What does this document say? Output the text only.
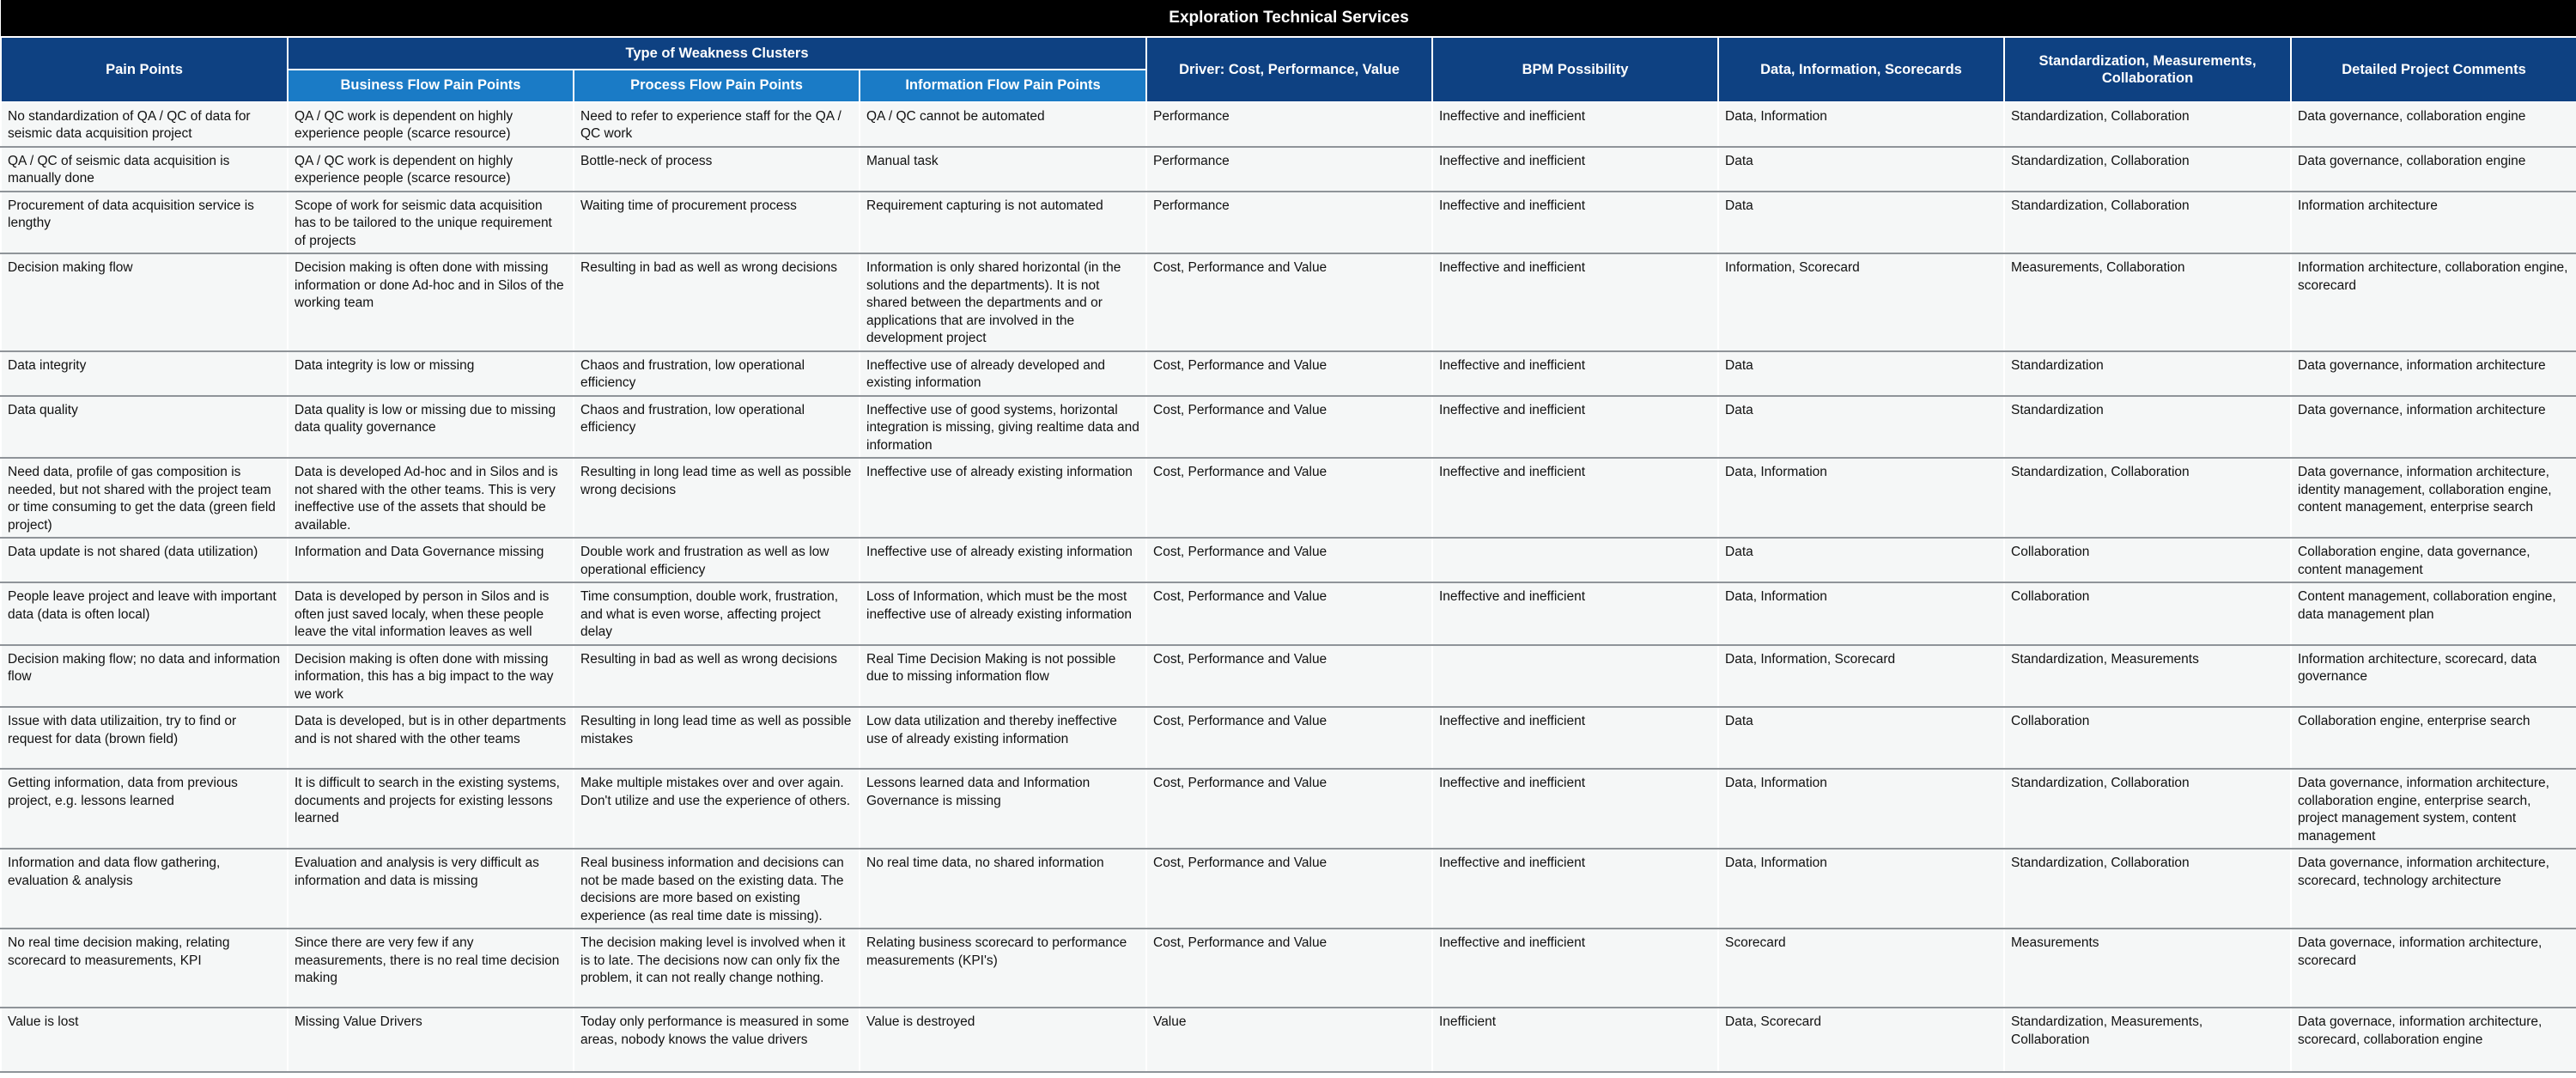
Exploration Technical Services								
Pain Points	Type of Weakness Clusters			Driver: Cost, Performance, Value	BPM Possibility	Data, Information, Scorecards	Standardization, Measurements, Collaboration	Detailed Project Comments
	Business Flow Pain Points	Process Flow Pain Points	Information Flow Pain Points					
No standardization of QA / QC of data for seismic data acquisition project	QA / QC work is dependent on highly experience people (scarce resource)	Need to refer to experience staff for the QA / QC work	QA / QC cannot be automated	Performance	Ineffective and inefficient	Data, Information	Standardization, Collaboration	Data governance, collaboration engine
QA / QC of seismic data acquisition is manually done	QA / QC work is dependent on highly experience people (scarce resource)	Bottle-neck of process	Manual task	Performance	Ineffective and inefficient	Data	Standardization, Collaboration	Data governance, collaboration engine
Procurement of data acquisition service is lengthy	Scope of work for seismic data acquisition has to be tailored to the unique requirement of projects	Waiting time of procurement process	Requirement capturing is not automated	Performance	Ineffective and inefficient	Data	Standardization, Collaboration	Information architecture
Decision making flow	Decision making is often done with missing information or done Ad-hoc and in Silos of the working team	Resulting in bad as well as wrong decisions	Information is only shared horizontal (in the solutions and the departments). It is not shared between the departments and or applications that are involved in the development project	Cost, Performance and Value	Ineffective and inefficient	Information, Scorecard	Measurements, Collaboration	Information architecture, collaboration engine, scorecard
Data integrity	Data integrity is low or missing	Chaos and frustration, low operational efficiency	Ineffective use of already developed and existing information	Cost, Performance and Value	Ineffective and inefficient	Data	Standardization	Data governance, information architecture
Data quality	Data quality is low or missing due to missing data quality governance	Chaos and frustration, low operational efficiency	Ineffective use of good systems, horizontal integration is missing, giving realtime data and information	Cost, Performance and Value	Ineffective and inefficient	Data	Standardization	Data governance, information architecture
Need data, profile of gas composition is needed, but not shared with the project team or time consuming to get the data (green field project)	Data is developed Ad-hoc and in Silos and is not shared with the other teams. This is very ineffective use of the assets that should be available.	Resulting in long lead time as well as possible wrong decisions	Ineffective use of already existing information	Cost, Performance and Value	Ineffective and inefficient	Data, Information	Standardization, Collaboration	Data governance, information architecture, identity management, collaboration engine, content management, enterprise search
Data update is not shared (data utilization)	Information and Data Governance missing	Double work and frustration as well as low operational efficiency	Ineffective use of already existing information	Cost, Performance and Value		Data	Collaboration	Collaboration engine, data governance, content management
People leave project and leave with important data (data is often local)	Data is developed by person in Silos and is often just saved localy, when these people leave the vital information leaves as well	Time consumption, double work, frustration, and what is even worse, affecting project delay	Loss of Information, which must be the most ineffective use of already existing information	Cost, Performance and Value	Ineffective and inefficient	Data, Information	Collaboration	Content management, collaboration engine, data management plan
Decision making flow; no data and information flow	Decision making is often done with missing information, this has a big impact to the way we work	Resulting in bad as well as wrong decisions	Real Time Decision Making is not possible due to missing information flow	Cost, Performance and Value		Data, Information, Scorecard	Standardization, Measurements	Information architecture, scorecard, data governance
Issue with data utilizaition, try to find or request for data (brown field)	Data is developed, but is in other departments and is not shared with the other teams	Resulting in long lead time as well as possible mistakes	Low data utilization and thereby ineffective use of already existing information	Cost, Performance and Value	Ineffective and inefficient	Data	Collaboration	Collaboration engine, enterprise search
Getting information, data from previous project, e.g. lessons learned	It is difficult to search in the existing systems, documents and projects for existing lessons learned	Make multiple mistakes over and over again. Don't utilize and use the experience of others.	Lessons learned data and Information Governance is missing	Cost, Performance and Value	Ineffective and inefficient	Data, Information	Standardization, Collaboration	Data governance, information architecture, collaboration engine, enterprise search, project management system, content management
Information and data flow gathering, evaluation & analysis	Evaluation and analysis is very difficult as information and data is missing	Real business information and decisions can not be made based on the existing data. The decisions are more based on existing experience (as real time date is missing).	No real time data, no shared information	Cost, Performance and Value	Ineffective and inefficient	Data, Information	Standardization, Collaboration	Data governance, information architecture, scorecard, technology architecture
No real time decision making, relating scorecard to measurements, KPI	Since there are very few if any measurements, there is no real time decision making	The decision making level is involved when it is to late. The decisions now can only fix the problem, it can not really change nothing.	Relating business scorecard to performance measurements (KPI's)	Cost, Performance and Value	Ineffective and inefficient	Scorecard	Measurements	Data governace, information architecture, scorecard
Value is lost	Missing Value Drivers	Today only performance is measured in some areas, nobody knows the value drivers	Value is destroyed	Value	Inefficient	Data, Scorecard	Standardization, Measurements, Collaboration	Data governace, information architecture, scorecard, collaboration engine
